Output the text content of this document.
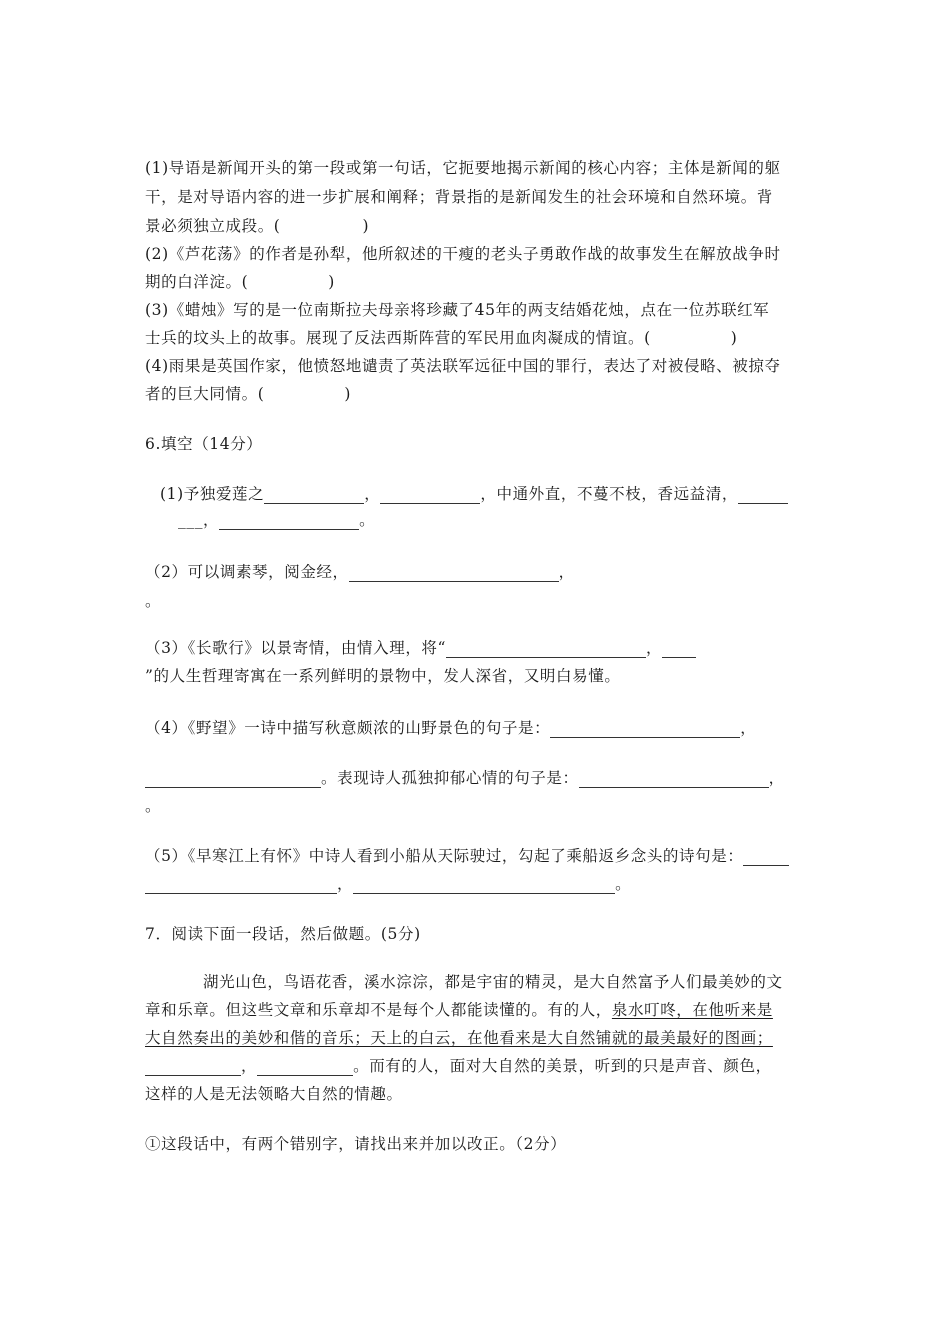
(1)导语是新闻开头的第一段或第一句话，它扼要地揭示新闻的核心内容；主体是新闻的躯
干，是对导语内容的进一步扩展和阐释；背景指的是新闻发生的社会环境和自然环境。背
景必须独立成段。(	)
(2)《芦花荡》的作者是孙犁，他所叙述的干瘦的老头子勇敢作战的故事发生在解放战争时
期的白洋淀。(	)
(3)《蜡烛》写的是一位南斯拉夫母亲将珍藏了45年的两支结婚花烛，点在一位苏联红军
士兵的坟头上的故事。展现了反法西斯阵营的军民用血肉凝成的情谊。(	)
(4)雨果是英国作家，他愤怒地谴责了英法联军远征中国的罪行，表达了对被侵略、被掠夺
者的巨大同情。(	)
6.填空（14分）
(1)予独爱莲之	，	，中通外直，不蔓不枝，香远益清，
___，	。
（2）可以调素琴，阅金经，	，
。
（3）《长歌行》以景寄情，由情入理，将“	，
”的人生哲理寄寓在一系列鲜明的景物中，发人深省，又明白易懂。
（4）《野望》一诗中描写秋意颇浓的山野景色的句子是：	，
。表现诗人孤独抑郁心情的句子是：	，
。
（5）《早寒江上有怀》中诗人看到小船从天际驶过，勾起了乘船返乡念头的诗句是：
，	。
7．阅读下面一段话，然后做题。(5分)
湖光山色，鸟语花香，溪水淙淙，都是宇宙的精灵，是大自然富予人们最美妙的文
章和乐章。但这些文章和乐章却不是每个人都能读懂的。有的人，泉水叮咚，在他听来是
大自然奏出的美妙和偕的音乐；天上的白云，在他看来是大自然铺就的最美最好的图画；
，	。而有的人，面对大自然的美景，听到的只是声音、颜色，
这样的人是无法领略大自然的情趣。
①这段话中，有两个错别字，请找出来并加以改正。（2分）
